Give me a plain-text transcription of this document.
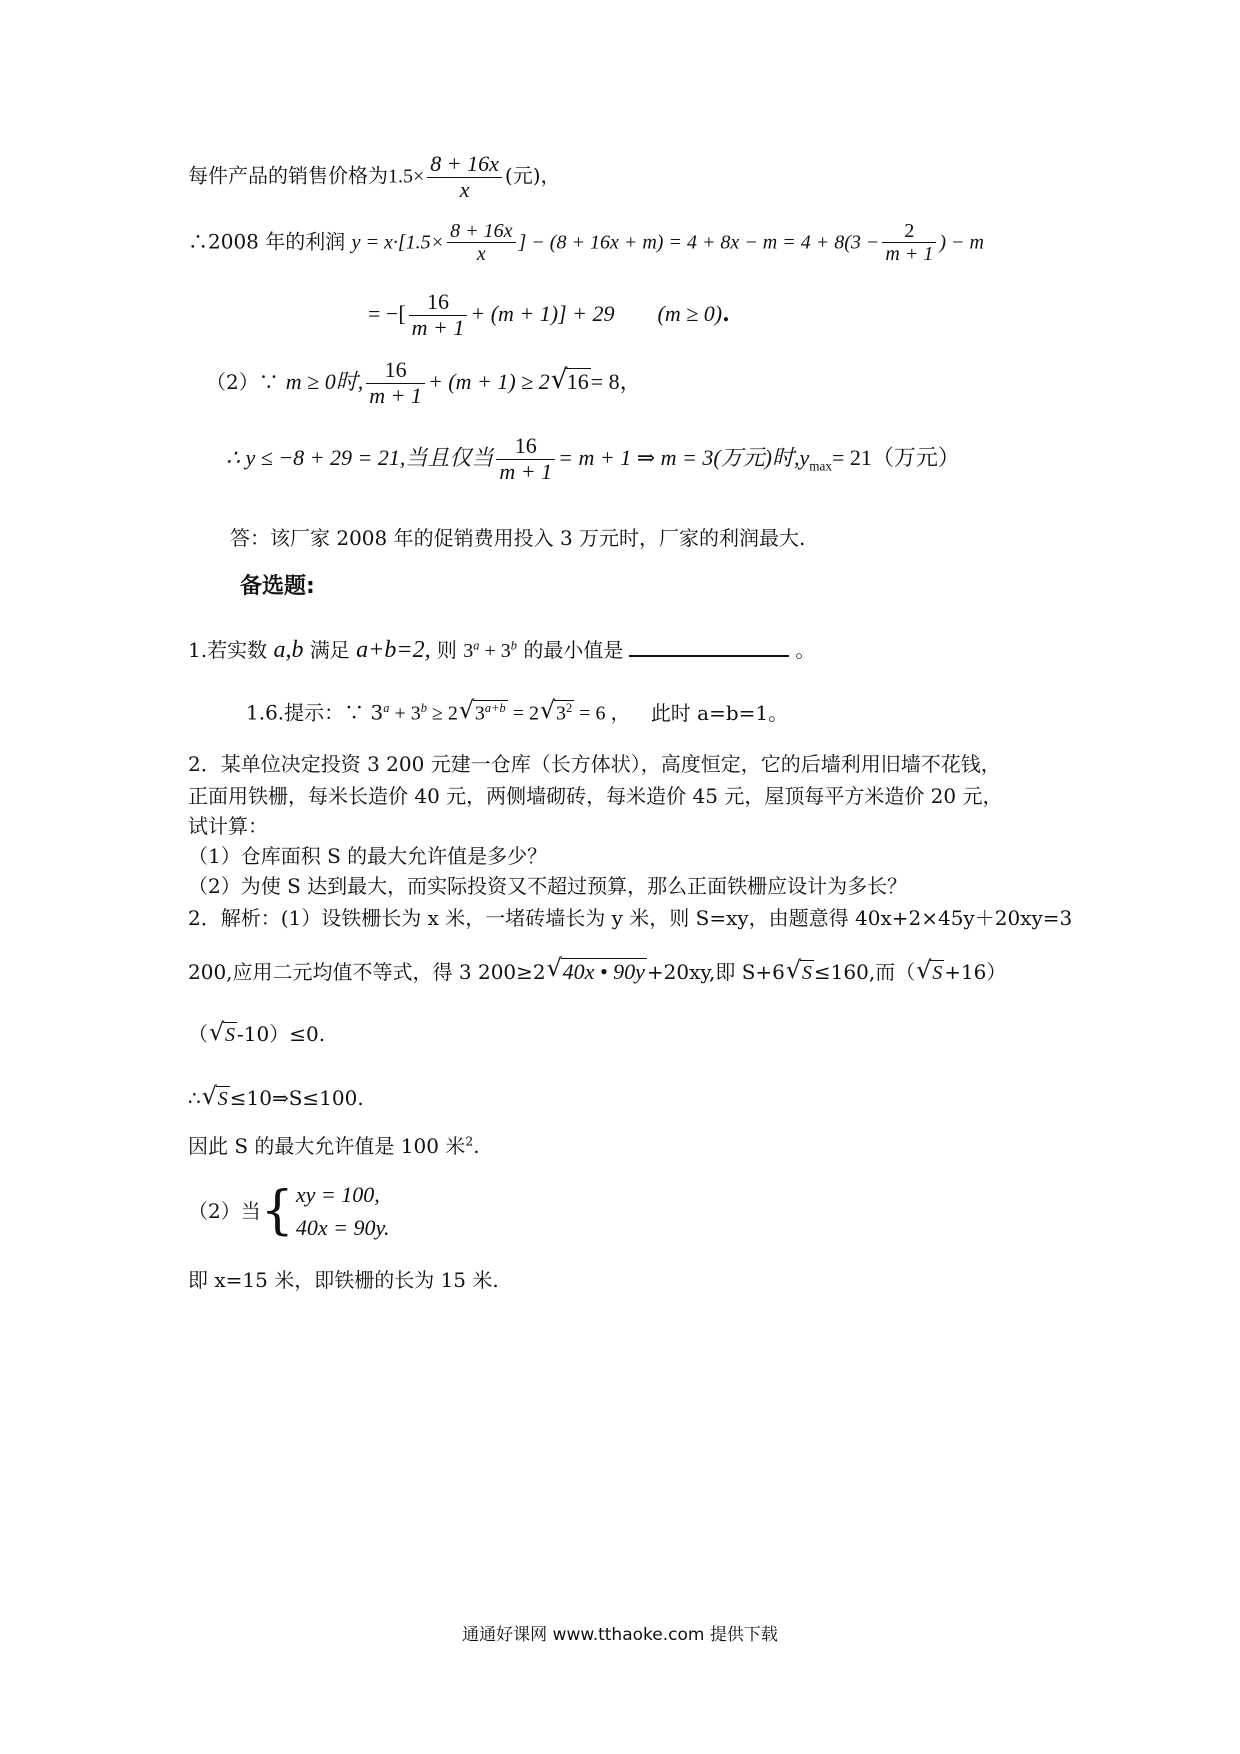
每件产品的销售价格为$1.5\times \frac{8 + 16x}{x}$ (元)，
∴2008 年的利润 $y = x\cdot[1.5\times \frac{8 + 16x}{x}$ ] − $(8 + 16x + m) = 4 + 8x - m = 4 + 8(3 - \frac{2}{m + 1}$ ) − m
= −[ $\frac{16}{m + 1} + (m + 1)] + 29$ (m ≥ 0).
（2）∵ m ≥ 0时, $\frac{16}{m + 1} + (m + 1) \ge 2√$ 16= 8，
∴ y ≤ −8 + 29 = 21,当且仅当 $\frac{16}{m + 1} = m + 1$ ⇒ m = 3(万元)时$,y_{max}= 21$（万元）
答：该厂家 2008 年的促销费用投入 3 万元时，厂家的利润最大.
备选题:
1.若实数 a,b 满足 a+b=2, 则 $3^a + 3^b$ 的最小值是	。
1.6.提示：∵ $3^a + 3^b \ge 2√$ $3^{a+b} = 2√$ $3^2 = 6$ ， 此时 a=b=1。
2．某单位决定投资 3 200 元建一仓库（长方体状），高度恒定，它的后墙利用旧墙不花钱，
正面用铁栅，每米长造价 40 元，两侧墙砌砖，每米造价 45 元，屋顶每平方米造价 20 元，
试计算：
（1）仓库面积 S 的最大允许值是多少？
（2）为使 S 达到最大，而实际投资又不超过预算，那么正面铁栅应设计为多长？
2．解析：(1）设铁栅长为 x 米，一堵砖墙长为 y 米，则 S=xy，由题意得 40x+2×45y＋20xy=3
200,应用二元均值不等式，得 3 200≥2√ 40x • 90y +20xy,即 S+6√ S ≤160,而（√ S +16）
（√ S -10）≤0.
∴√ S ≤10⇒S≤100.
因此 S 的最大允许值是 100 米$^2$.
（2）当{ xy = 100,
40x = 90y.
即 x=15 米，即铁栅的长为 15 米.
通通好课网 www.tthaoke.com 提供下载
